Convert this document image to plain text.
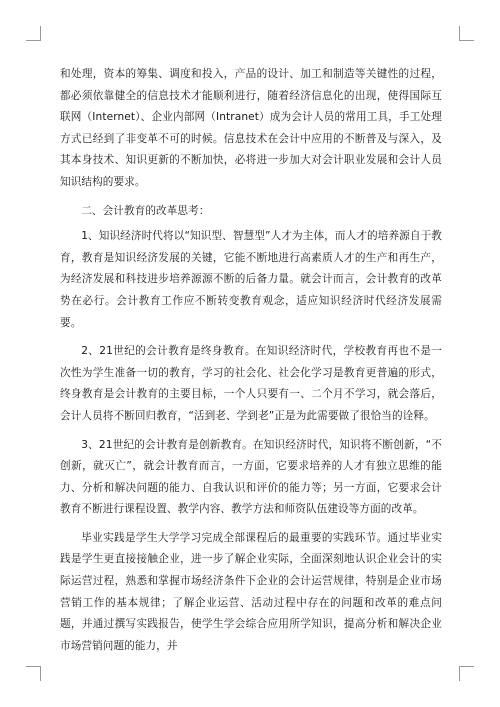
和处理，资本的筹集、调度和投入，产品的设计、加工和制造等关键性的过程，都必须依靠健全的信息技术才能顺利进行，随着经济信息化的出现，使得国际互联网（Internet）、企业内部网（Intranet）成为会计人员的常用工具，手工处理方式已经到了非变革不可的时候。信息技术在会计中应用的不断普及与深入，及其本身技术、知识更新的不断加快，必将进一步加大对会计职业发展和会计人员知识结构的要求。

二、会计教育的改革思考：

1、知识经济时代将以“知识型、智慧型”人才为主体，而人才的培养源自于教育，教育是知识经济发展的关键，它能不断地进行高素质人才的生产和再生产，为经济发展和科技进步培养源源不断的后备力量。就会计而言，会计教育的改革势在必行。会计教育工作应不断转变教育观念，适应知识经济时代经济发展需要。

2、21世纪的会计教育是终身教育。在知识经济时代，学校教育再也不是一次性为学生准备一切的教育，学习的社会化、社会化学习是教育更普遍的形式，终身教育是会计教育的主要目标，一个人只要有一、二个月不学习，就会落后，会计人员将不断回归教育，“活到老、学到老”正是为此需要做了很恰当的诠释。

3、21世纪的会计教育是创新教育。在知识经济时代，知识将不断创新，“不创新，就灭亡”，就会计教育而言，一方面，它要求培养的人才有独立思维的能力、分析和解决问题的能力、自我认识和评价的能力等；另一方面，它要求会计教育不断进行课程设置、教学内容、教学方法和师资队伍建设等方面的改革。

毕业实践是学生大学学习完成全部课程后的最重要的实践环节。通过毕业实践是学生更直接接触企业，进一步了解企业实际，全面深刻地认识企业会计的实际运营过程，熟悉和掌握市场经济条件下企业的会计运营规律，特别是企业市场营销工作的基本规律；了解企业运营、活动过程中存在的问题和改革的难点问题，并通过撰写实践报告，使学生学会综合应用所学知识，提高分析和解决企业市场营销问题的能力，并
